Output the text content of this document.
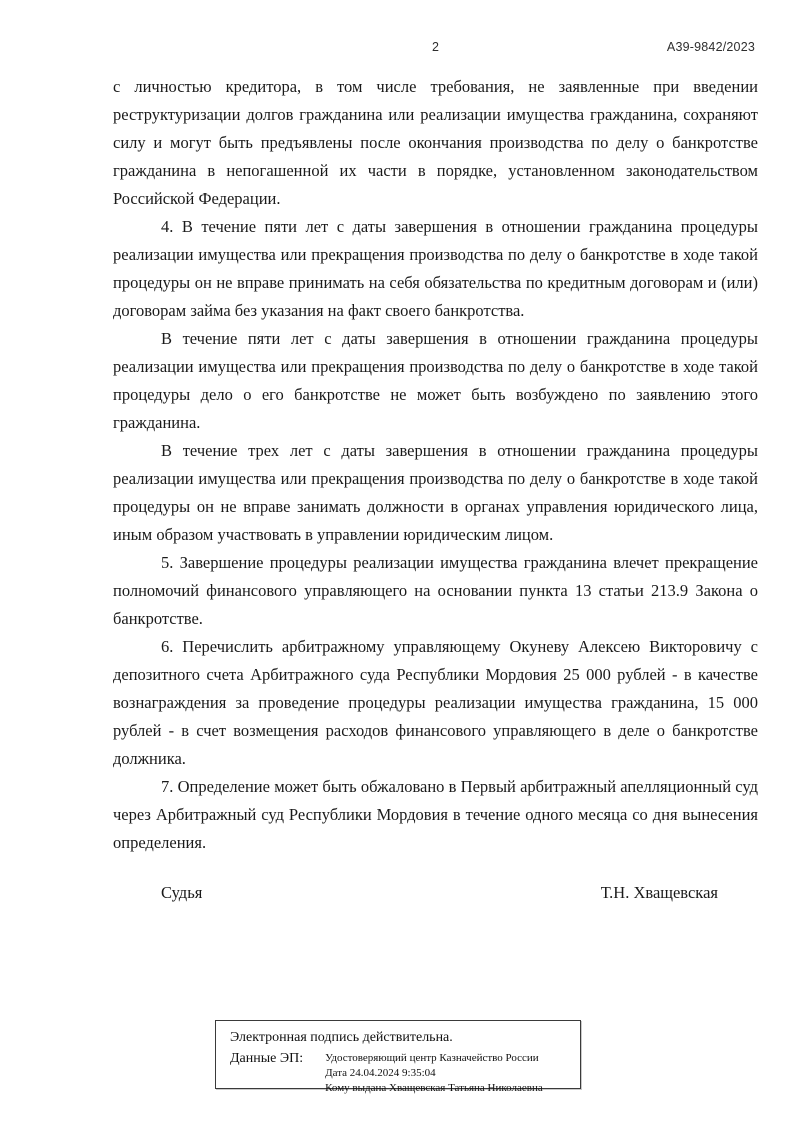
2	А39-9842/2023

с личностью кредитора, в том числе требования, не заявленные при введении реструктуризации долгов гражданина или реализации имущества гражданина, сохраняют силу и могут быть предъявлены после окончания производства по делу о банкротстве гражданина в непогашенной их части в порядке, установленном законодательством Российской Федерации.

4. В течение пяти лет с даты завершения в отношении гражданина процедуры реализации имущества или прекращения производства по делу о банкротстве в ходе такой процедуры он не вправе принимать на себя обязательства по кредитным договорам и (или) договорам займа без указания на факт своего банкротства.

В течение пяти лет с даты завершения в отношении гражданина процедуры реализации имущества или прекращения производства по делу о банкротстве в ходе такой процедуры дело о его банкротстве не может быть возбуждено по заявлению этого гражданина.

В течение трех лет с даты завершения в отношении гражданина процедуры реализации имущества или прекращения производства по делу о банкротстве в ходе такой процедуры он не вправе занимать должности в органах управления юридического лица, иным образом участвовать в управлении юридическим лицом.

5. Завершение процедуры реализации имущества гражданина влечет прекращение полномочий финансового управляющего на основании пункта 13 статьи 213.9 Закона о банкротстве.

6. Перечислить арбитражному управляющему Окуневу Алексею Викторовичу с депозитного счета Арбитражного суда Республики Мордовия 25 000 рублей - в качестве вознаграждения за проведение процедуры реализации имущества гражданина, 15 000 рублей - в счет возмещения расходов финансового управляющего в деле о банкротстве должника.

7. Определение может быть обжаловано в Первый арбитражный апелляционный суд через Арбитражный суд Республики Мордовия в течение одного месяца со дня вынесения определения.

Судья	Т.Н. Хващевская
Электронная подпись действительна.
Данные ЭП: Удостоверяющий центр Казначейство России
Дата 24.04.2024 9:35:04
Кому выдана Хващевская Татьяна Николаевна
